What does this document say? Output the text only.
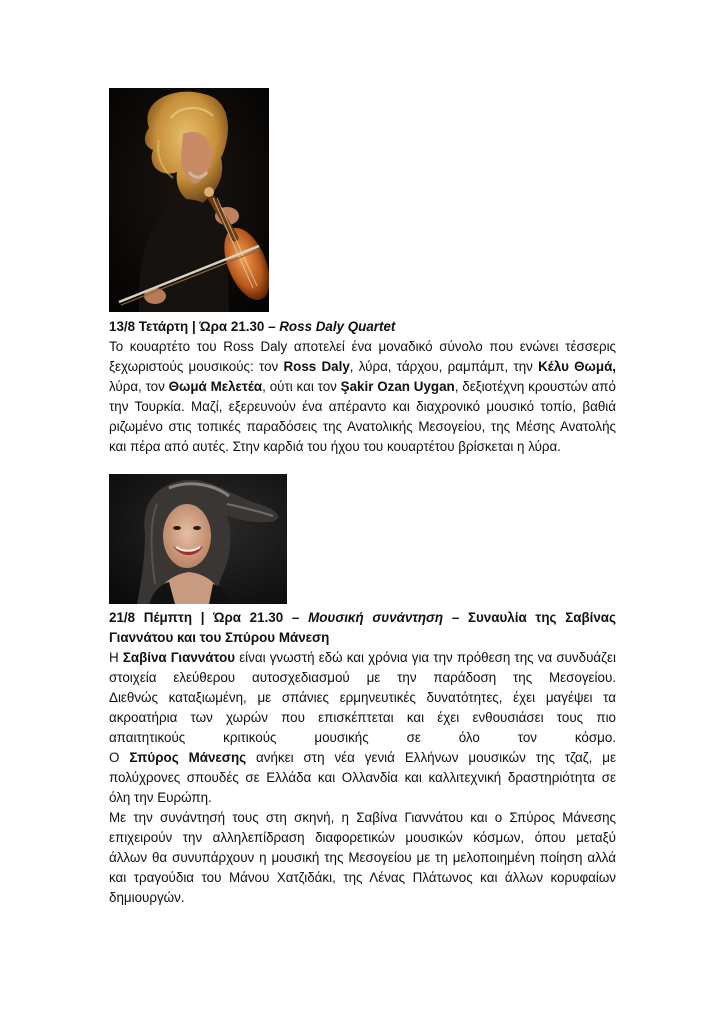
13/8 Τετάρτη | Ώρα 21.30 – Ross Daly Quartet
Το κουαρτέτο του Ross Daly αποτελεί ένα μοναδικό σύνολο που ενώνει τέσσερις
ξεχωριστούς μουσικούς: τον Ross Daly, λύρα, τάρχου, ραμπάμπ, την Κέλυ Θωμά,
λύρα, τον Θωμά Μελετέα, ούτι και τον Şakir Ozan Uygan, δεξιοτέχνη κρουστών από
την Τουρκία. Μαζί, εξερευνούν ένα απέραντο και διαχρονικό μουσικό τοπίο, βαθιά
ριζωμένο στις τοπικές παραδόσεις της Ανατολικής Μεσογείου, της Μέσης Ανατολής
και πέρα από αυτές. Στην καρδιά του ήχου του κουαρτέτου βρίσκεται η λύρα.
21/8 Πέμπτη | Ώρα 21.30 – Μουσική συνάντηση – Συναυλία της Σαβίνας
Γιαννάτου και του Σπύρου Μάνεση
Η Σαβίνα Γιαννάτου είναι γνωστή εδώ και χρόνια για την πρόθεση της να συνδυάζει
στοιχεία ελεύθερου αυτοσχεδιασμού με την παράδοση της Μεσογείου.
Διεθνώς καταξιωμένη, με σπάνιες ερμηνευτικές δυνατότητες, έχει μαγέψει τα
ακροατήρια των χωρών που επισκέπτεται και έχει ενθουσιάσει τους πιο
απαιτητικούς κριτικούς μουσικής σε όλο τον κόσμο.
Ο Σπύρος Μάνεσης ανήκει στη νέα γενιά Ελλήνων μουσικών της τζαζ, με
πολύχρονες σπουδές σε Ελλάδα και Ολλανδία και καλλιτεχνική δραστηριότητα σε
όλη την Ευρώπη.
Με την συνάντησή τους στη σκηνή, η Σαβίνα Γιαννάτου και ο Σπύρος Μάνεσης
επιχειρούν την αλληλεπίδραση διαφορετικών μουσικών κόσμων, όπου μεταξύ
άλλων θα συνυπάρχουν η μουσική της Μεσογείου με τη μελοποιημένη ποίηση αλλά
και τραγούδια του Μάνου Χατζιδάκι, της Λένας Πλάτωνος και άλλων κορυφαίων
δημιουργών.
